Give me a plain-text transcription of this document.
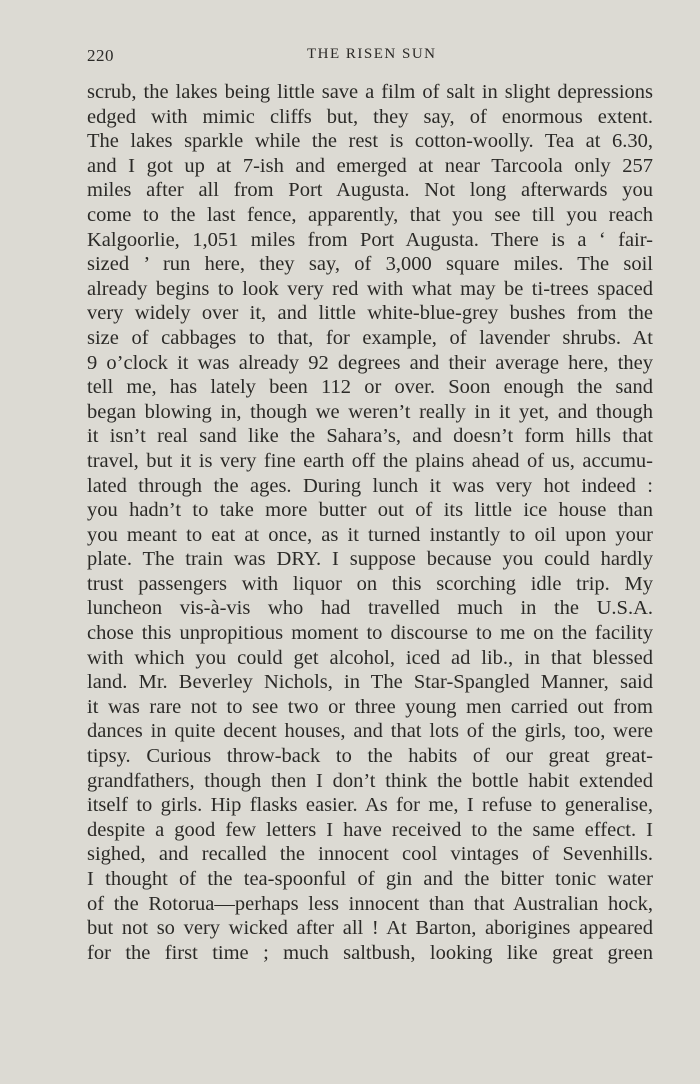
220	THE RISEN SUN
scrub, the lakes being little save a film of salt in slight depressions
edged with mimic cliffs but, they say, of enormous extent.
The lakes sparkle while the rest is cotton-woolly. Tea at 6.30,
and I got up at 7-ish and emerged at near Tarcoola only 257
miles after all from Port Augusta. Not long afterwards you
come to the last fence, apparently, that you see till you reach
Kalgoorlie, 1,051 miles from Port Augusta. There is a ‘ fair-
sized ’ run here, they say, of 3,000 square miles. The soil
already begins to look very red with what may be ti-trees spaced
very widely over it, and little white-blue-grey bushes from the
size of cabbages to that, for example, of lavender shrubs. At
9 o’clock it was already 92 degrees and their average here, they
tell me, has lately been 112 or over. Soon enough the sand
began blowing in, though we weren’t really in it yet, and though
it isn’t real sand like the Sahara’s, and doesn’t form hills that
travel, but it is very fine earth off the plains ahead of us, accumu-
lated through the ages. During lunch it was very hot indeed :
you hadn’t to take more butter out of its little ice house than
you meant to eat at once, as it turned instantly to oil upon your
plate. The train was DRY. I suppose because you could hardly
trust passengers with liquor on this scorching idle trip. My
luncheon vis-à-vis who had travelled much in the U.S.A.
chose this unpropitious moment to discourse to me on the facility
with which you could get alcohol, iced ad lib., in that blessed
land. Mr. Beverley Nichols, in The Star-Spangled Manner, said
it was rare not to see two or three young men carried out from
dances in quite decent houses, and that lots of the girls, too, were
tipsy. Curious throw-back to the habits of our great great-
grandfathers, though then I don’t think the bottle habit extended
itself to girls. Hip flasks easier. As for me, I refuse to generalise,
despite a good few letters I have received to the same effect. I
sighed, and recalled the innocent cool vintages of Sevenhills.
I thought of the tea-spoonful of gin and the bitter tonic water
of the Rotorua—perhaps less innocent than that Australian hock,
but not so very wicked after all ! At Barton, aborigines appeared
for the first time ; much saltbush, looking like great green
